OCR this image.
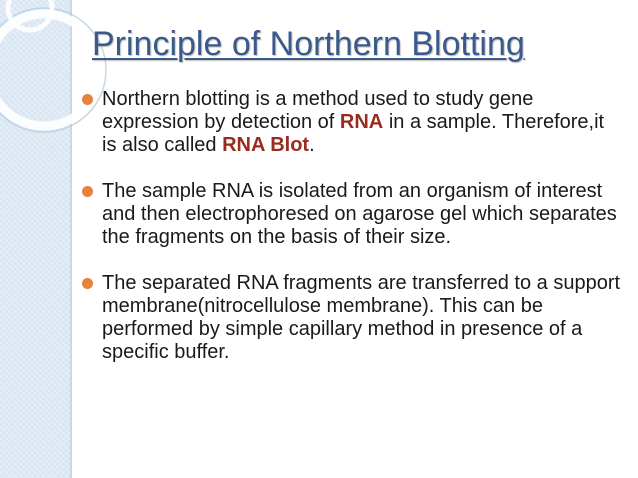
Principle of Northern Blotting
Northern blotting is a method used to study gene expression by detection of RNA in a sample. Therefore,it is also called RNA Blot.
The sample RNA is isolated from an organism of interest and then electrophoresed on agarose gel which separates the fragments on the basis of their size.
The separated RNA fragments are transferred to a support membrane(nitrocellulose membrane). This can be performed by simple capillary method in presence of a specific buffer.
